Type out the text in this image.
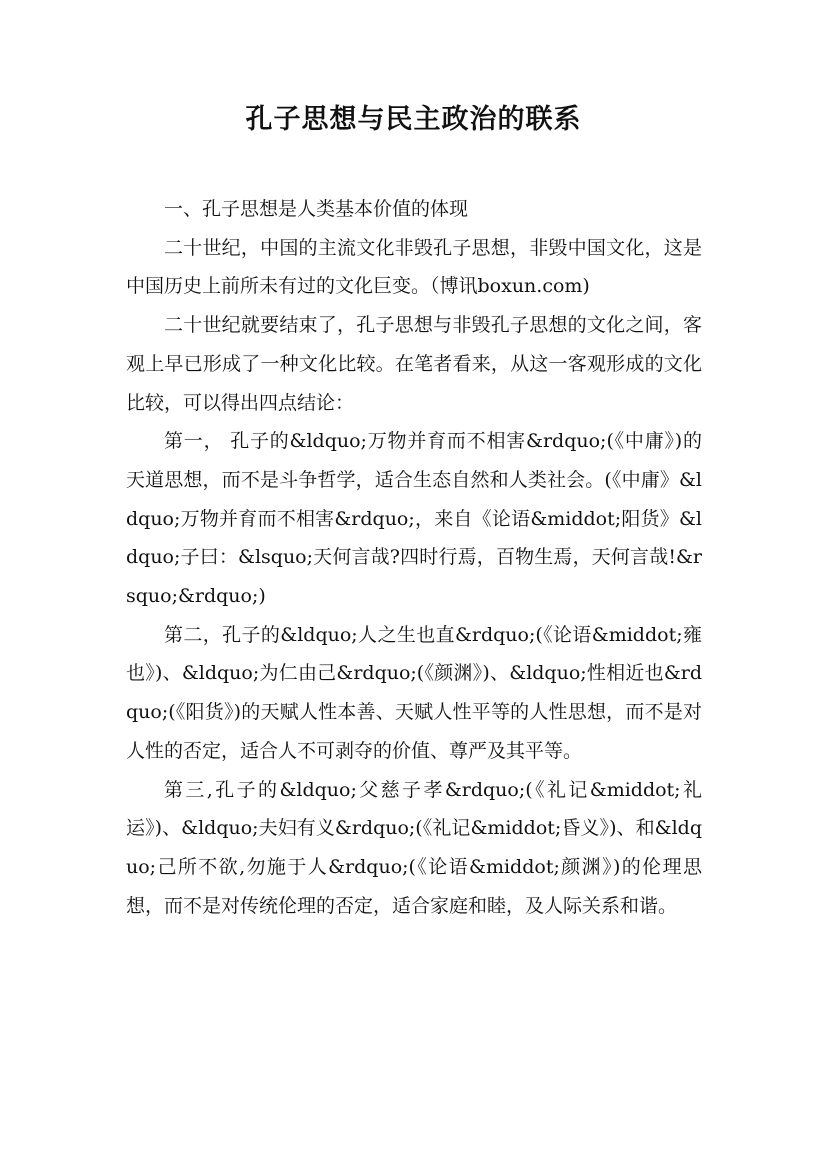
孔子思想与民主政治的联系

一、孔子思想是人类基本价值的体现

二十世纪，中国的主流文化非毁孔子思想，非毁中国文化，这是中国历史上前所未有过的文化巨变。（博讯boxun.com)

二十世纪就要结束了，孔子思想与非毁孔子思想的文化之间，客观上早已形成了一种文化比较。在笔者看来，从这一客观形成的文化比较，可以得出四点结论：

第一， 孔子的&ldquo;万物并育而不相害&rdquo;(《中庸》)的天道思想，而不是斗争哲学，适合生态自然和人类社会。(《中庸》&ldquo;万物并育而不相害&rdquo;，来自《论语&middot;阳货》&ldquo;子曰：&lsquo;天何言哉?四时行焉，百物生焉，天何言哉!&rsquo;&rdquo;)

第二，孔子的&ldquo;人之生也直&rdquo;(《论语&middot;雍也》)、&ldquo;为仁由己&rdquo;(《颜渊》)、&ldquo;性相近也&rdquo;(《阳货》)的天赋人性本善、天赋人性平等的人性思想，而不是对人性的否定，适合人不可剥夺的价值、尊严及其平等。

第三,孔子的&ldquo;父慈子孝&rdquo;(《礼记&middot;礼运》)、&ldquo;夫妇有义&rdquo;(《礼记&middot;昏义》)、和&ldquo;己所不欲,勿施于人&rdquo;(《论语&middot;颜渊》)的伦理思想，而不是对传统伦理的否定，适合家庭和睦，及人际关系和谐。
